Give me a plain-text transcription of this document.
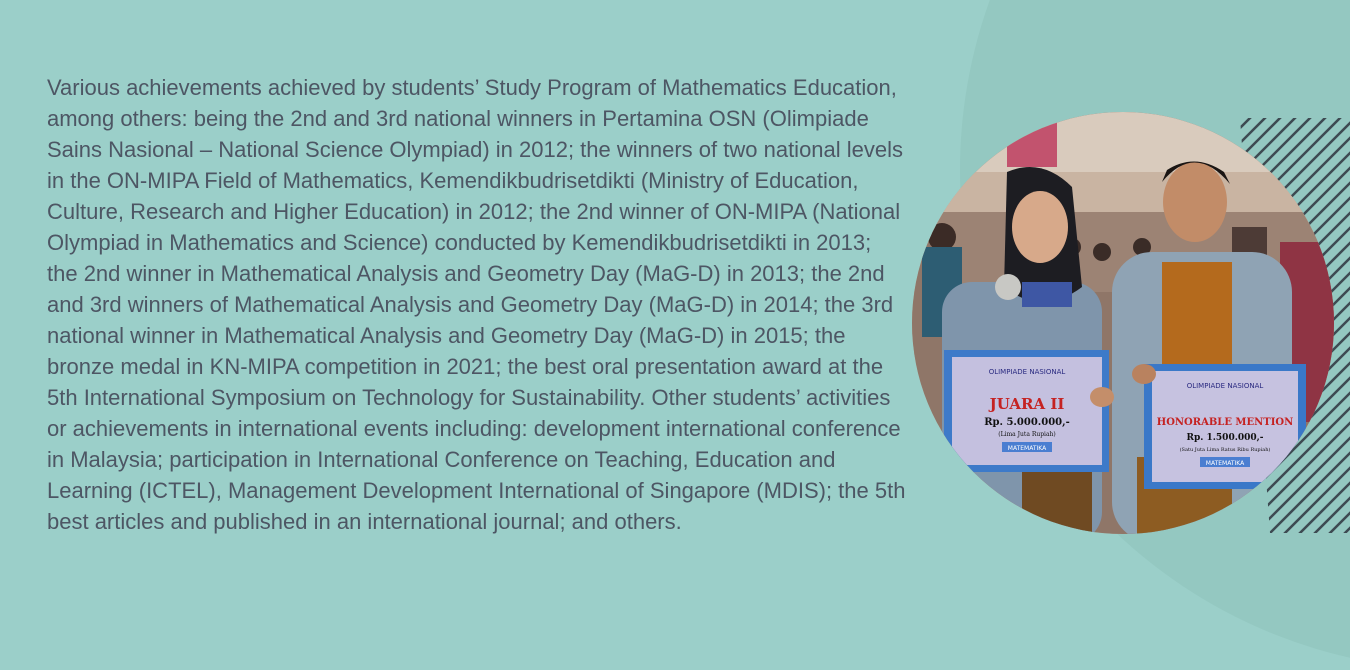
Various achievements achieved by students’ Study Program of Mathematics Education, among others: being the 2nd and 3rd national winners in Pertamina OSN (Olimpiade Sains Nasional – National Science Olympiad) in 2012; the winners of two national levels in the ON-MIPA Field of Mathematics, Kemendikbudrisetdikti (Ministry of Education, Culture, Research and Higher Education) in 2012; the 2nd winner of ON-MIPA (National Olympiad in Mathematics and Science) conducted by Kemendikbudrisetdikti in 2013; the 2nd winner in Mathematical Analysis and Geometry Day (MaG-D) in 2013; the 2nd and 3rd winners of Mathematical Analysis and Geometry Day (MaG-D) in 2014; the 3rd national winner in Mathematical Analysis and Geometry Day (MaG-D) in 2015; the bronze medal in KN-MIPA competition in 2021; the best oral presentation award at the 5th International Symposium on Technology for Sustainability. Other students’ activities or achievements in international events including: development international conference in Malaysia; participation in International Conference on Teaching, Education and Learning (ICTEL), Management Development International of Singapore (MDIS); the 5th best articles and published in an international journal; and others.

OLIMPIADE NASIONAL
JUARA II
Rp. 5.000.000,-
(Lima Juta Rupiah)
MATEMATIKA
OLIMPIADE NASIONAL
HONORABLE MENTION
Rp. 1.500.000,-
(Satu Juta Lima Ratus Ribu Rupiah)
MATEMATIKA
